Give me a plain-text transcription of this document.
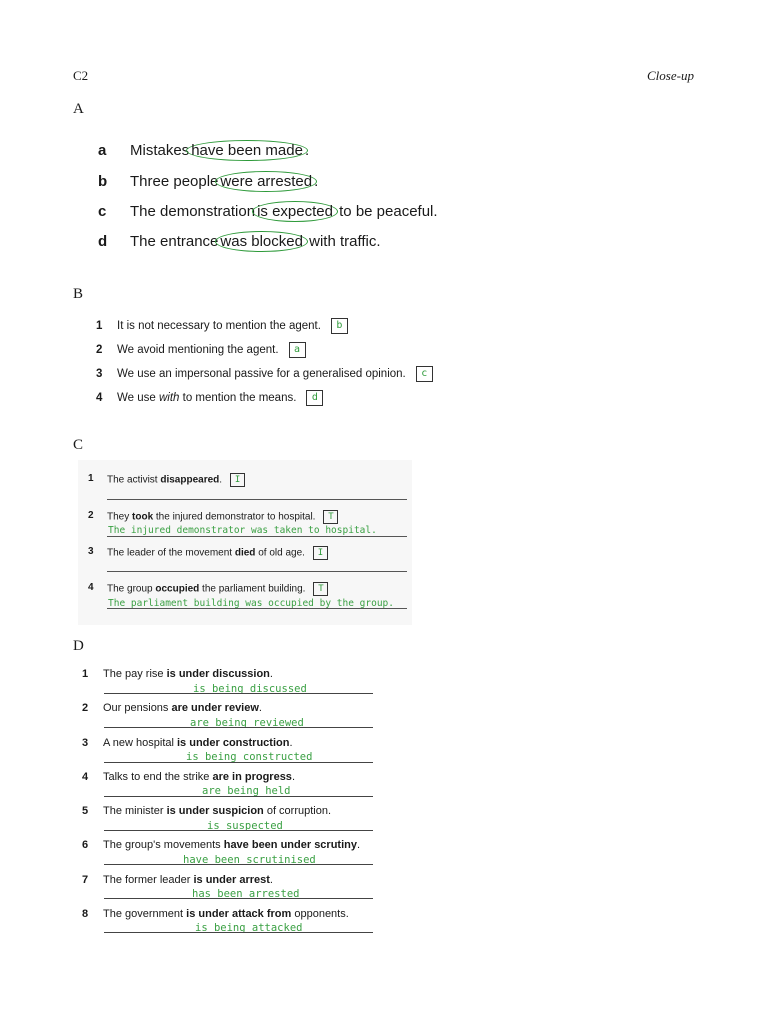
C2	Close-up
A
a	Mistakes have been made .
b	Three people were arrested .
c	The demonstration is expected to be peaceful.
d	The entrance was blocked with traffic.
B
1 It is not necessary to mention the agent. b
2 We avoid mentioning the agent. a
3 We use an impersonal passive for a generalised opinion. c
4 We use with to mention the means. d
C
1 The activist disappeared. I
2 They took the injured demonstrator to hospital. T
The injured demonstrator was taken to hospital.
3 The leader of the movement died of old age. I
4 The group occupied the parliament building. T
The parliament building was occupied by the group.
D
1 The pay rise is under discussion.
is being discussed
2 Our pensions are under review.
are being reviewed
3 A new hospital is under construction.
is being constructed
4 Talks to end the strike are in progress.
are being held
5 The minister is under suspicion of corruption.
is suspected
6 The group's movements have been under scrutiny.
have been scrutinised
7 The former leader is under arrest.
has been arrested
8 The government is under attack from opponents.
is being attacked
